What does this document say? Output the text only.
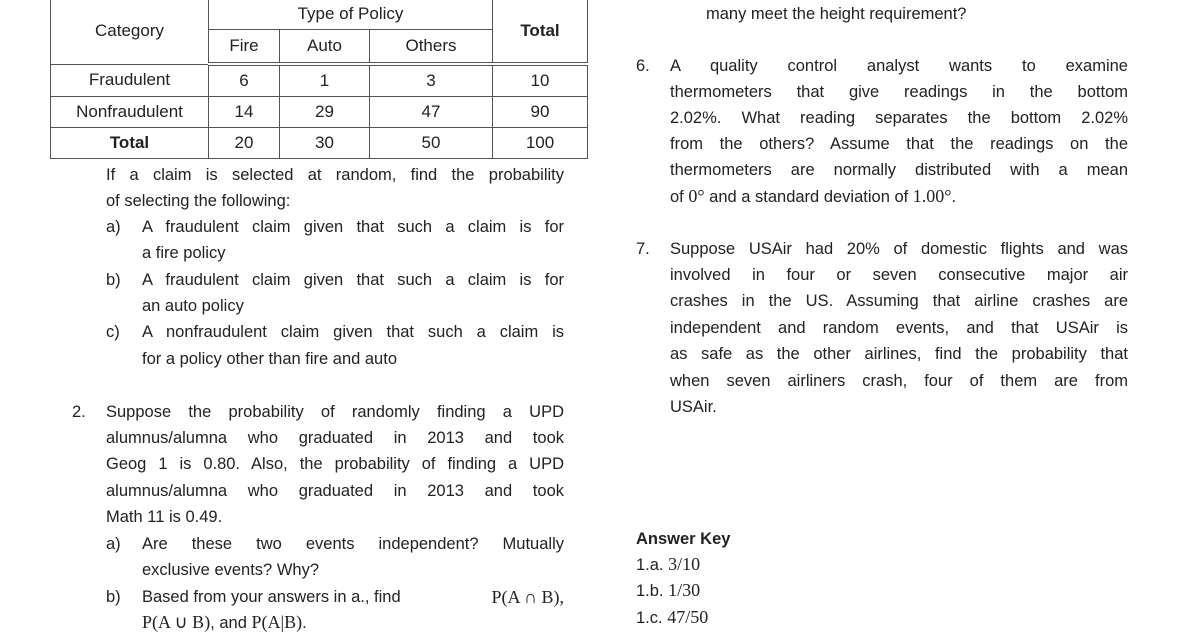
Category	Type of Policy			Total
	Fire	Auto	Others	
Fraudulent	6	1	3	10
Nonfraudulent	14	29	47	90
Total	20	30	50	100
If a claim is selected at random, find the probability
of selecting the following:
a) A fraudulent claim given that such a claim is for
a fire policy
b) A fraudulent claim given that such a claim is for
an auto policy
c) A nonfraudulent claim given that such a claim is
for a policy other than fire and auto
2. Suppose the probability of randomly finding a UPD
alumnus/alumna who graduated in 2013 and took
Geog 1 is 0.80. Also, the probability of finding a UPD
alumnus/alumna who graduated in 2013 and took
Math 11 is 0.49.
a) Are these two events independent? Mutually
exclusive events? Why?
b) Based from your answers in a., find	P(A ∩ B),
P(A ∪ B), and P(A|B).
many meet the height requirement?
6. A quality control analyst wants to examine
thermometers that give readings in the bottom
2.02%. What reading separates the bottom 2.02%
from the others? Assume that the readings on the
thermometers are normally distributed with a mean
of 0° and a standard deviation of 1.00°.
7. Suppose USAir had 20% of domestic flights and was
involved in four or seven consecutive major air
crashes in the US. Assuming that airline crashes are
independent and random events, and that USAir is
as safe as the other airlines, find the probability that
when seven airliners crash, four of them are from
USAir.
Answer Key
1.a. 3/10
1.b. 1/30
1.c. 47/50
